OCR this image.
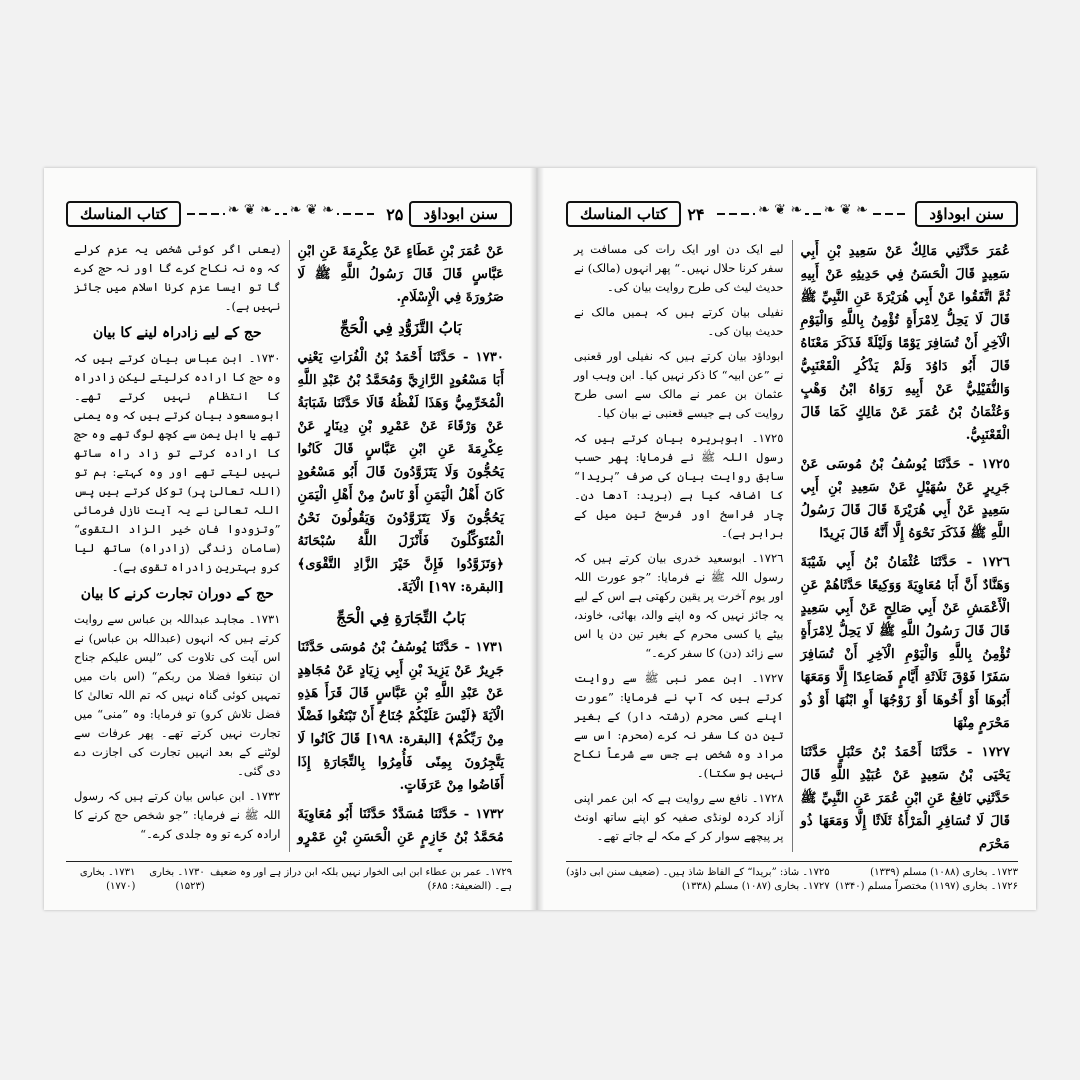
سنن ابوداؤد
۲۵
❧ ❦ ❧ ❧ ❦ ❧
كتاب المناسك

(یعنی اگر کوئی شخص یہ عزم کرلے کہ وہ نہ نکاح کرے گا اور نہ حج کرے گا تو ایسا عزم کرنا اسلام میں جائز نہیں ہے)۔

حج کے لیے زادراہ لینے کا بیان

١٧٣٠۔ ابن عباس بیان کرتے ہیں کہ وہ حج کا ارادہ کرلیتے لیکن زادراہ کا انتظام نہیں کرتے تھے۔ ابومسعود بیان کرتے ہیں کہ وہ یمنی تھے یا اہل یمن سے کچھ لوگ تھے وہ حج کا ارادہ کرتے تو زاد راہ ساتھ نہیں لیتے تھے اور وہ کہتے: ہم تو (اللہ تعالیٰ پر) توکل کرتے ہیں پس اللہ تعالیٰ نے یہ آیت نازل فرمائی ”وتزودوا فان خیر الزاد التقوی“ (سامان زندگی (زادراہ) ساتھ لیا کرو بہترین زادراہ تقوی ہے)۔

حج کے دوران تجارت کرنے کا بیان

١٧٣١۔ مجاہد عبداللہ بن عباس سے روایت کرتے ہیں کہ انہوں (عبداللہ بن عباس) نے اس آیت کی تلاوت کی ”لیس علیکم جناح ان تبتغوا فضلا من ربکم“ (اس بات میں تمہیں کوئی گناہ نہیں کہ تم اللہ تعالیٰ کا فضل تلاش کرو) تو فرمایا: وہ ”منی“ میں تجارت نہیں کرتے تھے۔ پھر عرفات سے لوٹنے کے بعد انہیں تجارت کی اجازت دے دی گئی۔

١٧٣٢۔ ابن عباس بیان کرتے ہیں کہ رسول اللہ ﷺ نے فرمایا: ”جو شخص حج کرنے کا ارادہ کرے تو وہ جلدی کرے۔“

عَنْ عُمَرَ بْنِ عَطَاءٍ عَنْ عِكْرِمَةَ عَنِ ابْنِ عَبَّاسٍ قَالَ قَالَ رَسُولُ اللَّهِ ﷺ لَا صَرُورَةَ فِي الْإِسْلَامِ.

بَابُ التَّزَوُّدِ فِي الْحَجِّ

١٧٣٠ - حَدَّثَنَا أَحْمَدُ بْنُ الْفُرَاتِ يَعْنِي أَبَا مَسْعُودٍ الرَّازِيَّ وَمُحَمَّدُ بْنُ عَبْدِ اللَّهِ الْمُخَرِّمِيُّ وَهَذَا لَفْظُهُ قَالَا حَدَّثَنَا شَبَابَةُ عَنْ وَرْقَاءَ عَنْ عَمْرِو بْنِ دِينَارٍ عَنْ عِكْرِمَةَ عَنِ ابْنِ عَبَّاسٍ قَالَ كَانُوا يَحُجُّونَ وَلَا يَتَزَوَّدُونَ قَالَ أَبُو مَسْعُودٍ كَانَ أَهْلُ الْيَمَنِ أَوْ نَاسٌ مِنْ أَهْلِ الْيَمَنِ يَحُجُّونَ وَلَا يَتَزَوَّدُونَ وَيَقُولُونَ نَحْنُ الْمُتَوَكِّلُونَ فَأَنْزَلَ اللَّهُ سُبْحَانَهُ ﴿وَتَزَوَّدُوا فَإِنَّ خَيْرَ الزَّادِ التَّقْوَى﴾ [البقرة: ١٩٧] الْآيَةَ.

بَابُ التِّجَارَةِ فِي الْحَجِّ

١٧٣١ - حَدَّثَنَا يُوسُفُ بْنُ مُوسَى حَدَّثَنَا جَرِيرٌ عَنْ يَزِيدَ بْنِ أَبِي زِيَادٍ عَنْ مُجَاهِدٍ عَنْ عَبْدِ اللَّهِ بْنِ عَبَّاسٍ قَالَ قَرَأَ هَذِهِ الْآيَةَ ﴿لَيْسَ عَلَيْكُمْ جُنَاحٌ أَنْ تَبْتَغُوا فَضْلًا مِنْ رَبِّكُمْ﴾ [البقرة: ١٩٨] قَالَ كَانُوا لَا يَتَّجِرُونَ بِمِنًى فَأُمِرُوا بِالتِّجَارَةِ إِذَا أَفَاضُوا مِنْ عَرَفَاتٍ.

١٧٣٢ - حَدَّثَنَا مُسَدَّدٌ حَدَّثَنَا أَبُو مُعَاوِيَةَ مُحَمَّدُ بْنُ خَازِمٍ عَنِ الْحَسَنِ بْنِ عَمْرٍو

۱۷۲۹۔ عمر بن عطاء ابن ابی الخوار نہیں بلکہ ابن دراز ہے اور وہ ضعیف ہے۔ (الضعیفۃ: ۶۸۵)
۱۷۳۰۔ بخاری (۱۵۲۳)
۱۷۳۱۔ بخاری (۱۷۷۰)
سنن ابوداؤد
❧ ❦ ❧ ❧ ❦ ❧
۲۴
كتاب المناسك

لیے ایک دن اور ایک رات کی مسافت پر سفر کرنا حلال نہیں۔“ پھر انہوں (مالک) نے حدیث لیث کی طرح روایت بیان کی۔

نفیلی بیان کرتے ہیں کہ ہمیں مالک نے حدیث بیان کی۔

ابوداؤد بیان کرتے ہیں کہ نفیلی اور قعنبی نے ”عن ابیہ“ کا ذکر نہیں کیا۔ ابن وہب اور عثمان بن عمر نے مالک سے اسی طرح روایت کی ہے جیسے قعنبی نے بیان کیا۔

١٧٢٥۔ ابوہریرہ بیان کرتے ہیں کہ رسول اللہ ﷺ نے فرمایا: پھر حسب سابق روایت بیان کی صرف ”بریدا“ کا اضافہ کیا ہے (برید: آدھا دن۔ چار فراسخ اور فرسخ تین میل کے برابر ہے)۔

١٧٢٦۔ ابوسعید خدری بیان کرتے ہیں کہ رسول اللہ ﷺ نے فرمایا: ”جو عورت اللہ اور یوم آخرت پر یقین رکھتی ہے اس کے لیے یہ جائز نہیں کہ وہ اپنے والد، بھائی، خاوند، بیٹے یا کسی محرم کے بغیر تین دن یا اس سے زائد (دن) کا سفر کرے۔“

١٧٢٧۔ ابن عمر نبی ﷺ سے روایت کرتے ہیں کہ آپ نے فرمایا: ”عورت اپنے کسی محرم (رشتہ دار) کے بغیر تین دن کا سفر نہ کرے (محرم: اس سے مراد وہ شخص ہے جس سے شرعاً نکاح نہیں ہو سکتا)۔

١٧٢٨۔ نافع سے روایت ہے کہ ابن عمر اپنی آزاد کردہ لونڈی صفیہ کو اپنے ساتھ اونٹ پر پیچھے سوار کر کے مکہ لے جاتے تھے۔

عُمَرَ حَدَّثَنِي مَالِكٌ عَنْ سَعِيدِ بْنِ أَبِي سَعِيدٍ قَالَ الْحَسَنُ فِي حَدِيثِهِ عَنْ أَبِيهِ ثُمَّ اتَّفَقُوا عَنْ أَبِي هُرَيْرَةَ عَنِ النَّبِيِّ ﷺ قَالَ لَا يَحِلُّ لِامْرَأَةٍ تُؤْمِنُ بِاللَّهِ وَالْيَوْمِ الْآخِرِ أَنْ تُسَافِرَ يَوْمًا وَلَيْلَةً فَذَكَرَ مَعْنَاهُ قَالَ أَبُو دَاوُدَ وَلَمْ يَذْكُرِ الْقَعْنَبِيُّ وَالنُّفَيْلِيُّ عَنْ أَبِيهِ رَوَاهُ ابْنُ وَهْبٍ وَعُثْمَانُ بْنُ عُمَرَ عَنْ مَالِكٍ كَمَا قَالَ الْقَعْنَبِيُّ.

١٧٢٥ - حَدَّثَنَا يُوسُفُ بْنُ مُوسَى عَنْ جَرِيرٍ عَنْ سُهَيْلٍ عَنْ سَعِيدِ بْنِ أَبِي سَعِيدٍ عَنْ أَبِي هُرَيْرَةَ قَالَ قَالَ رَسُولُ اللَّهِ ﷺ فَذَكَرَ نَحْوَهُ إِلَّا أَنَّهُ قَالَ بَرِيدًا

١٧٢٦ - حَدَّثَنَا عُثْمَانُ بْنُ أَبِي شَيْبَةَ وَهَنَّادٌ أَنَّ أَبَا مُعَاوِيَةَ وَوَكِيعًا حَدَّثَاهُمْ عَنِ الْأَعْمَشِ عَنْ أَبِي صَالِحٍ عَنْ أَبِي سَعِيدٍ قَالَ قَالَ رَسُولُ اللَّهِ ﷺ لَا يَحِلُّ لِامْرَأَةٍ تُؤْمِنُ بِاللَّهِ وَالْيَوْمِ الْآخِرِ أَنْ تُسَافِرَ سَفَرًا فَوْقَ ثَلَاثَةِ أَيَّامٍ فَصَاعِدًا إِلَّا وَمَعَهَا أَبُوهَا أَوْ أَخُوهَا أَوْ زَوْجُهَا أَوِ ابْنُهَا أَوْ ذُو مَحْرَمٍ مِنْهَا

١٧٢٧ - حَدَّثَنَا أَحْمَدُ بْنُ حَنْبَلٍ حَدَّثَنَا يَحْيَى بْنُ سَعِيدٍ عَنْ عُبَيْدِ اللَّهِ قَالَ حَدَّثَنِي نَافِعٌ عَنِ ابْنِ عُمَرَ عَنِ النَّبِيِّ ﷺ قَالَ لَا تُسَافِرِ الْمَرْأَةُ ثَلَاثًا إِلَّا وَمَعَهَا ذُو مَحْرَمٍ

۱۷۲۳۔ بخاری (۱۰۸۸) مسلم (۱۳۳۹)
۱۷۲۶۔ بخاری (۱۱۹۷) مختصراً مسلم (۱۳۴۰)
۱۷۲۵۔ شاذ: ”بریدا“ کے الفاظ شاذ ہیں۔ (ضعیف سنن ابی داؤد)
۱۷۲۷۔ بخاری (۱۰۸۷) مسلم (۱۳۳۸)
